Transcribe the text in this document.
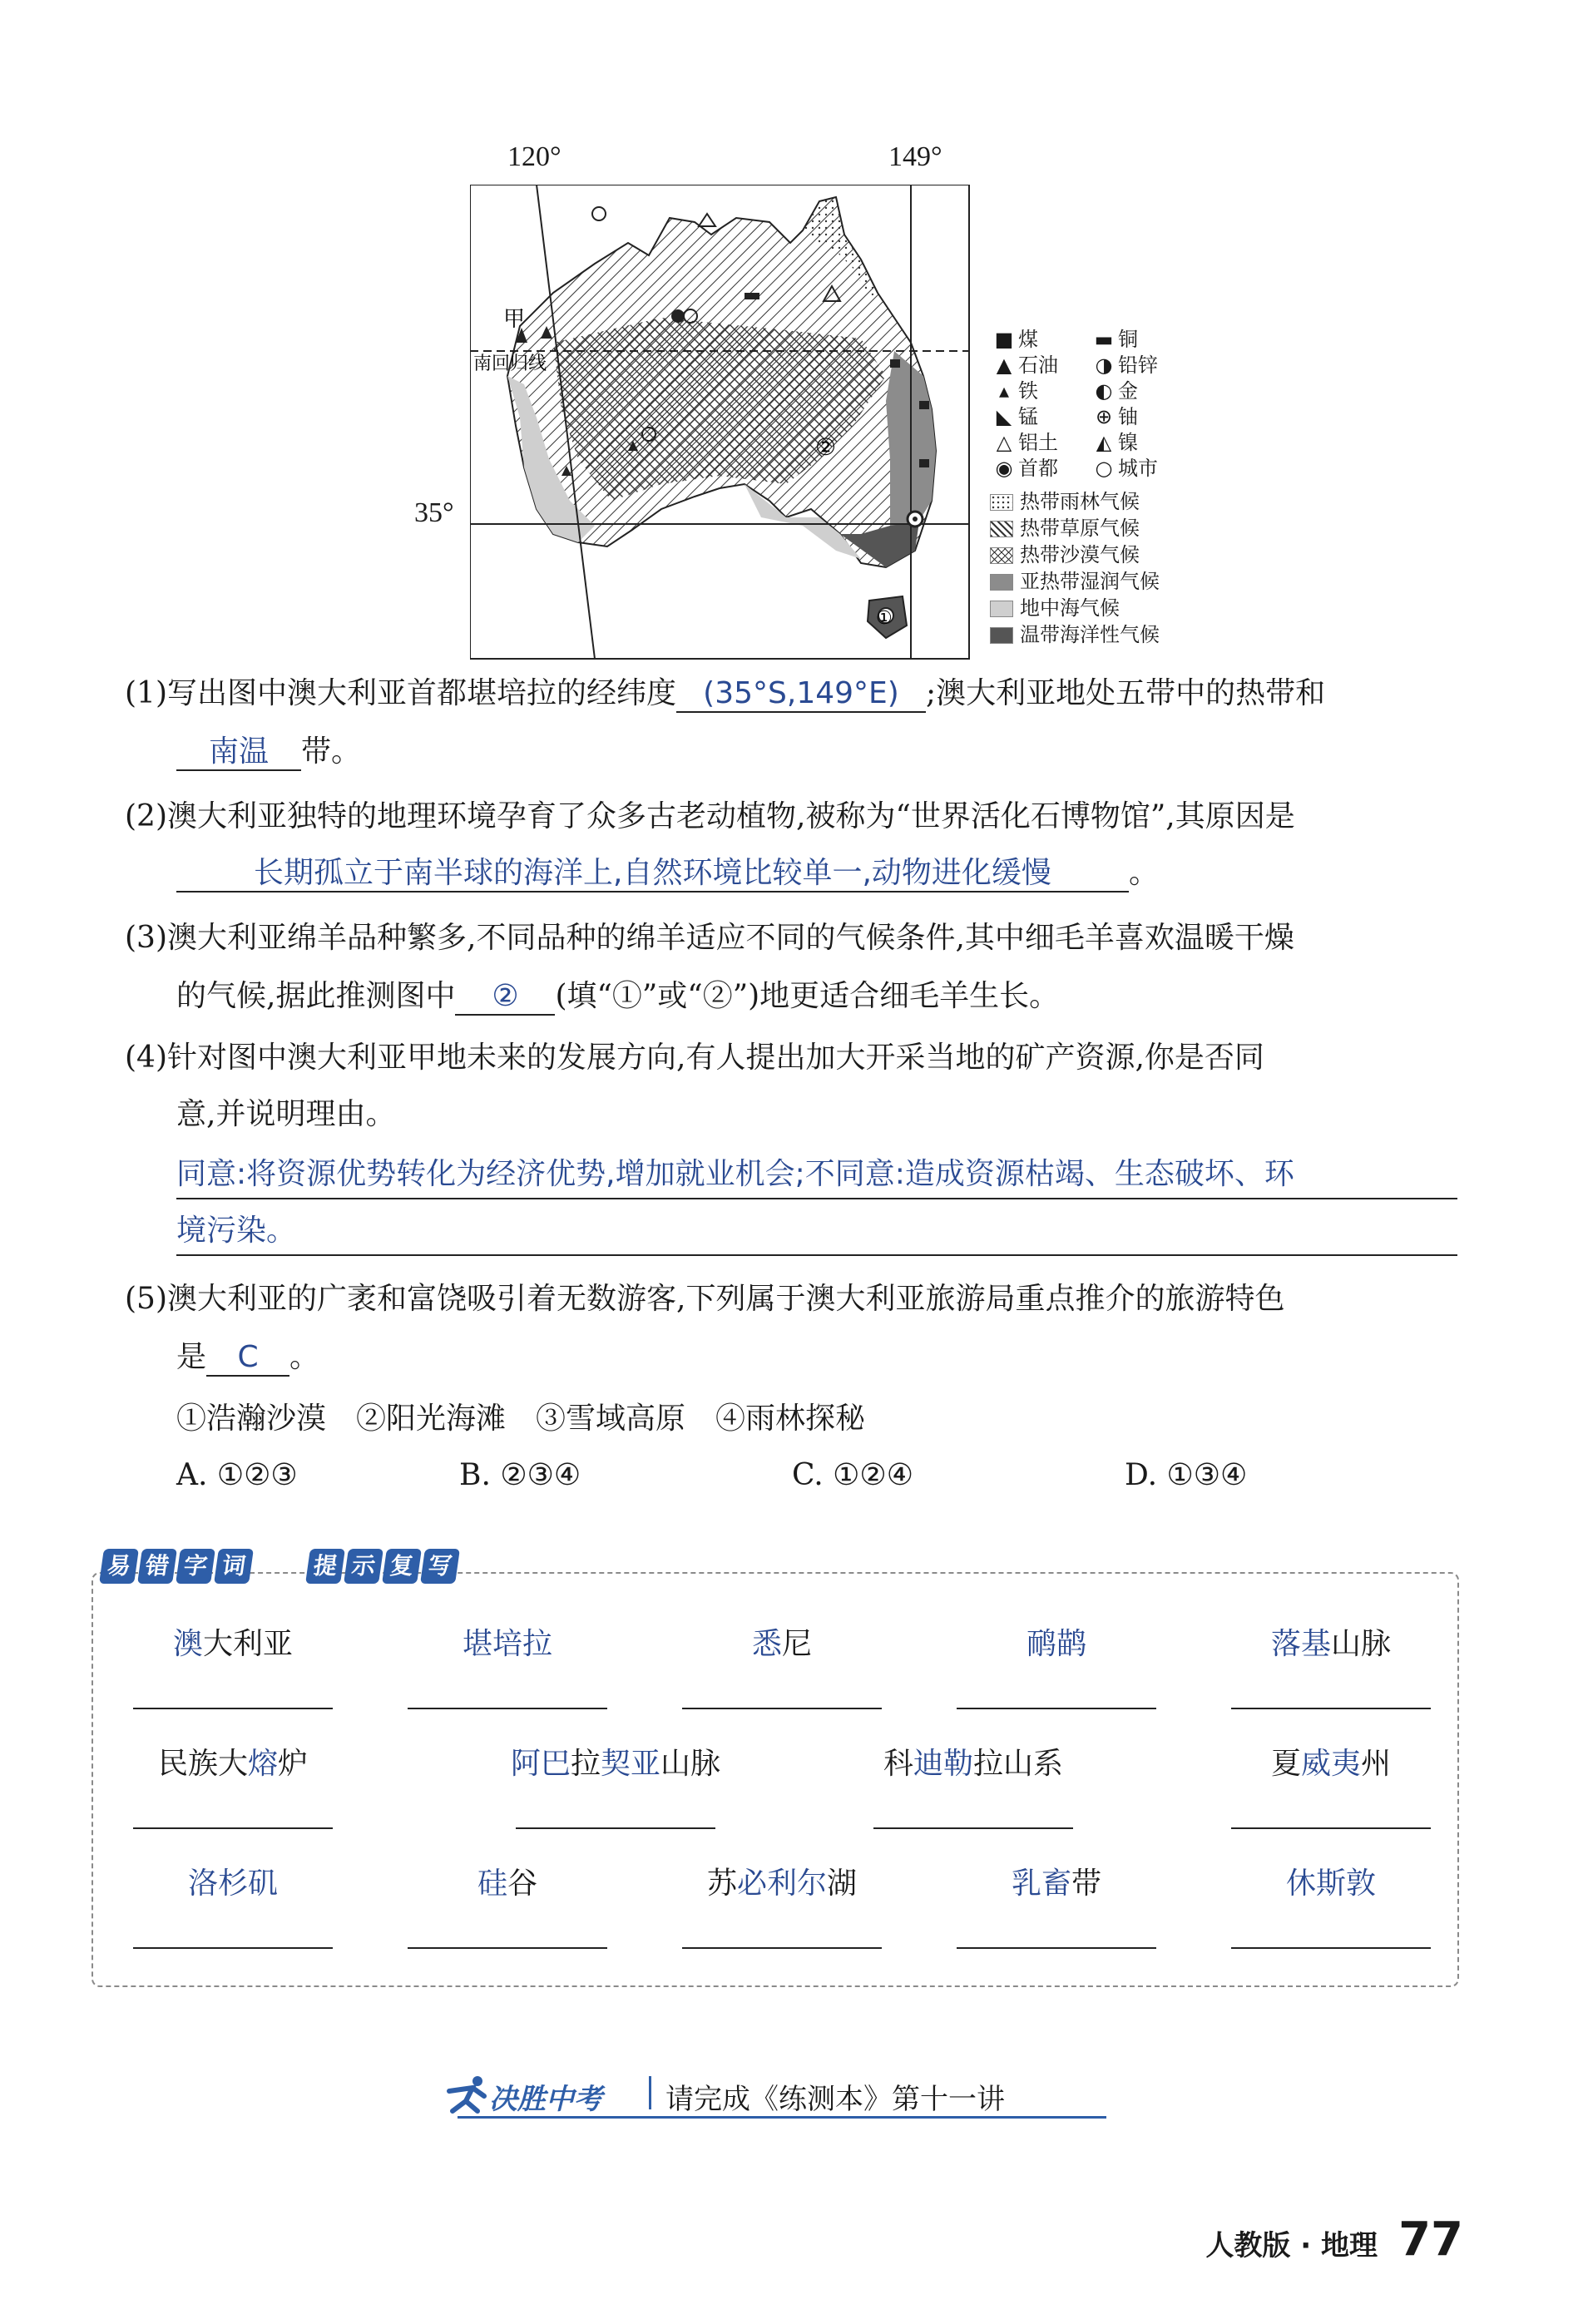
120°	149°
35°
甲
②
①
南回归线
■ 煤	▬ 铜
▲ 石油 ◑ 铅锌
▴ 铁	◐ 金
◣ 锰	⊕ 铀
△ 铝土	◭ 镍
◉ 首都 ○ 城市
热带雨林气候
热带草原气候
热带沙漠气候
亚热带湿润气候
地中海气候
温带海洋性气候
(1)写出图中澳大利亚首都堪培拉的经纬度 (35°S,149°E) ;澳大利亚地处五带中的热带和
南温 带。
(2)澳大利亚独特的地理环境孕育了众多古老动植物,被称为“世界活化石博物馆”,其原因是
长期孤立于南半球的海洋上,自然环境比较单一,动物进化缓慢	。
(3)澳大利亚绵羊品种繁多,不同品种的绵羊适应不同的气候条件,其中细毛羊喜欢温暖干燥
的气候,据此推测图中 ② (填“①”或“②”)地更适合细毛羊生长。
(4)针对图中澳大利亚甲地未来的发展方向,有人提出加大开采当地的矿产资源,你是否同
意,并说明理由。
同意:将资源优势转化为经济优势,增加就业机会;不同意:造成资源枯竭、生态破坏、环
境污染。
(5)澳大利亚的广袤和富饶吸引着无数游客,下列属于澳大利亚旅游局重点推介的旅游特色
是 C 。
①浩瀚沙漠　②阳光海滩　③雪域高原　④雨林探秘
A. ①②③	B. ②③④	C. ①②④	D. ①③④
易 错 字 词	提 示 复 写
澳大利亚	堪培拉	悉尼	鸸鹋	落基山脉
民族大熔炉	阿巴拉契亚山脉	科迪勒拉山系	夏威夷州
洛杉矶	硅谷	苏必利尔湖	乳畜带	休斯敦
决胜中考 请完成《练测本》第十一讲
人教版 · 地理 77
